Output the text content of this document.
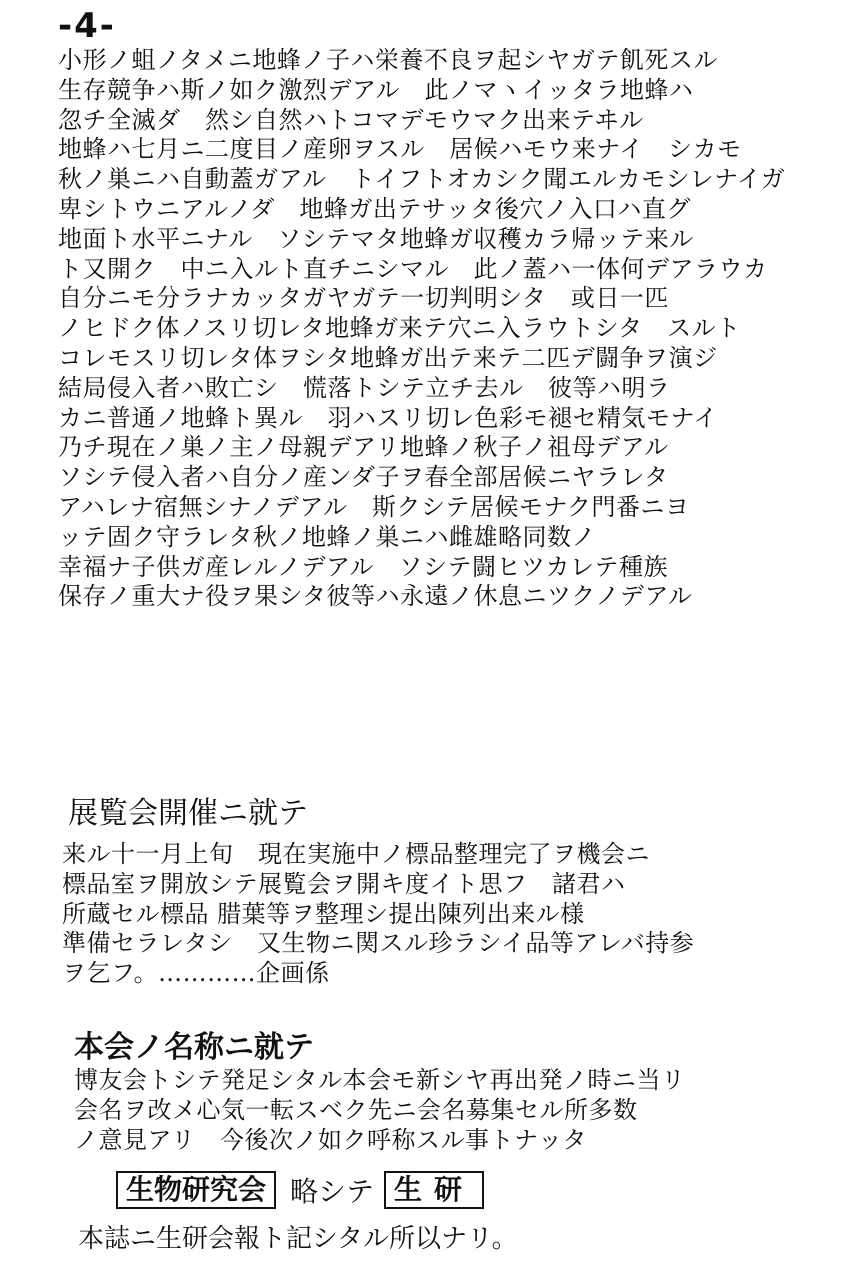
-4-
小形ノ蛆ノタメニ地蜂ノ子ハ栄養不良ヲ起シヤガテ飢死スル
生存競争ハ斯ノ如ク激烈デアル　此ノマヽイッタラ地蜂ハ
忽チ全滅ダ　然シ自然ハトコマデモウマク出来テヰル
地蜂ハ七月ニ二度目ノ産卵ヲスル　居候ハモウ来ナイ　シカモ
秋ノ巣ニハ自動蓋ガアル　トイフトオカシク聞エルカモシレナイガ
卑シトウニアルノダ　地蜂ガ出テサッタ後穴ノ入口ハ直グ
地面ト水平ニナル　ソシテマタ地蜂ガ収穫カラ帰ッテ来ル
ト又開ク　中ニ入ルト直チニシマル　此ノ蓋ハ一体何デアラウカ
自分ニモ分ラナカッタガヤガテ一切判明シタ　或日一匹
ノヒドク体ノスリ切レタ地蜂ガ来テ穴ニ入ラウトシタ　スルト
コレモスリ切レタ体ヲシタ地蜂ガ出テ来テ二匹デ闘争ヲ演ジ
結局侵入者ハ敗亡シ　慌落トシテ立チ去ル　彼等ハ明ラ
カニ普通ノ地蜂ト異ル　羽ハスリ切レ色彩モ褪セ精気モナイ
乃チ現在ノ巣ノ主ノ母親デアリ地蜂ノ秋子ノ祖母デアル
ソシテ侵入者ハ自分ノ産ンダ子ヲ春全部居候ニヤラレタ
アハレナ宿無シナノデアル　斯クシテ居候モナク門番ニヨ
ッテ固ク守ラレタ秋ノ地蜂ノ巣ニハ雌雄略同数ノ
幸福ナ子供ガ産レルノデアル　ソシテ闘ヒツカレテ種族
保存ノ重大ナ役ヲ果シタ彼等ハ永遠ノ休息ニツクノデアル
展覧会開催ニ就テ
来ル十一月上旬　現在実施中ノ標品整理完了ヲ機会ニ
標品室ヲ開放シテ展覧会ヲ開キ度イト思フ　諸君ハ
所蔵セル標品 腊葉等ヲ整理シ提出陳列出来ル様
準備セラレタシ　又生物ニ関スル珍ラシイ品等アレバ持参
ヲ乞フ。…………企画係
本会ノ名称ニ就テ
博友会トシテ発足シタル本会モ新シヤ再出発ノ時ニ当リ
会名ヲ改メ心気一転スベク先ニ会名募集セル所多数
ノ意見アリ　今後次ノ如ク呼称スル事トナッタ
生物研究会 略シテ 生研
本誌ニ生研会報ト記シタル所以ナリ。
